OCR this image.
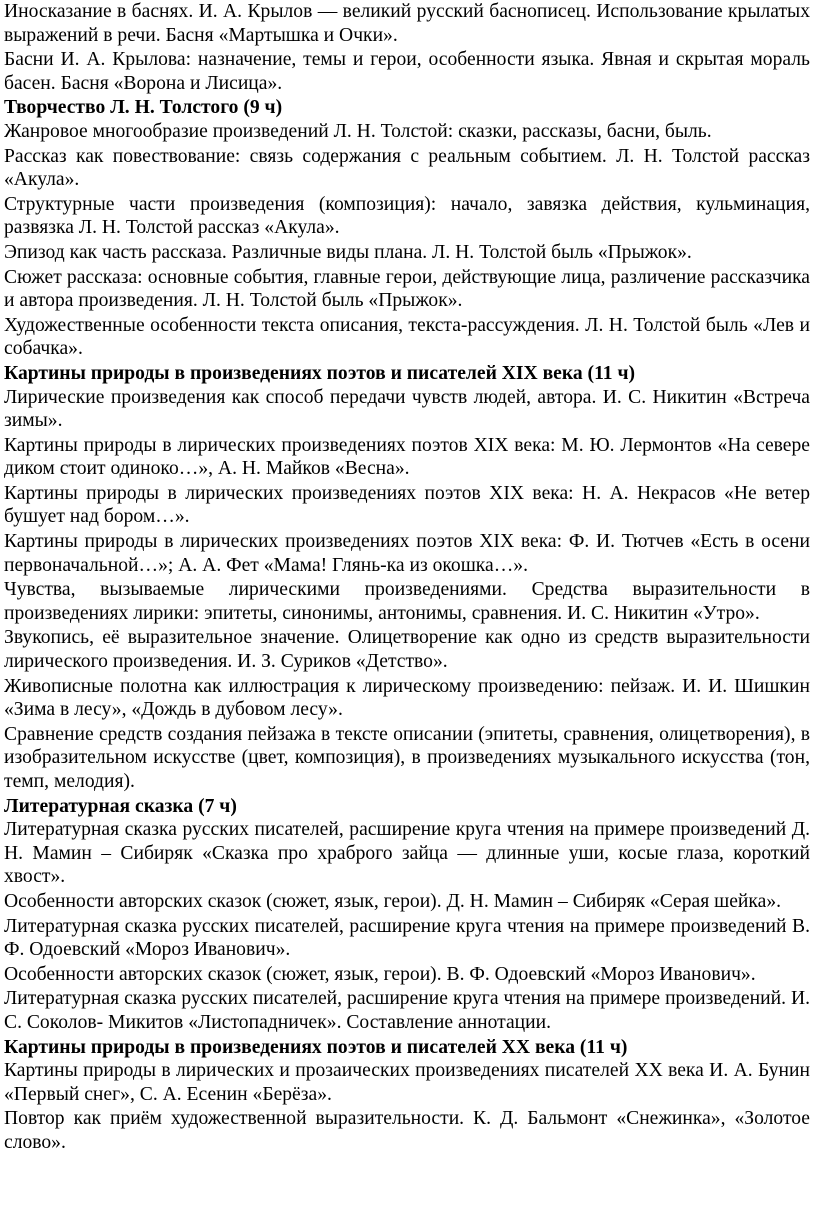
Иносказание в баснях. И. А. Крылов — великий русский баснописец. Использование крылатых выражений в речи. Басня «Мартышка и Очки».

Басни И. А. Крылова: назначение, темы и герои, особенности языка. Явная и скрытая мораль басен. Басня «Ворона и Лисица».

Творчество Л. Н. Толстого (9 ч)

Жанровое многообразие произведений Л. Н. Толстой: сказки, рассказы, басни, быль.

Рассказ как повествование: связь содержания с реальным событием. Л. Н. Толстой рассказ «Акула».

Структурные части произведения (композиция): начало, завязка действия, кульминация, развязка Л. Н. Толстой рассказ «Акула».

Эпизод как часть рассказа. Различные виды плана. Л. Н. Толстой быль «Прыжок».

Сюжет рассказа: основные события, главные герои, действующие лица, различение рассказчика и автора произведения. Л. Н. Толстой быль «Прыжок».

Художественные особенности текста описания, текста-рассуждения. Л. Н. Толстой быль «Лев и собачка».

Картины природы в произведениях поэтов и писателей XIX века (11 ч)

Лирические произведения как способ передачи чувств людей, автора. И. С. Никитин «Встреча зимы».

Картины природы в лирических произведениях поэтов XIX века: М. Ю. Лермонтов «На севере диком стоит одиноко…», А. Н. Майков «Весна».

Картины природы в лирических произведениях поэтов XIX века: Н. А. Некрасов «Не ветер бушует над бором…».

Картины природы в лирических произведениях поэтов XIX века: Ф. И. Тютчев «Есть в осени первоначальной…»; А. А. Фет «Мама! Глянь-ка из окошка…».

Чувства, вызываемые лирическими произведениями. Средства выразительности в произведениях лирики: эпитеты, синонимы, антонимы, сравнения. И. С. Никитин «Утро».

Звукопись, её выразительное значение. Олицетворение как одно из средств выразительности лирического произведения. И. З. Суриков «Детство».

Живописные полотна как иллюстрация к лирическому произведению: пейзаж. И. И. Шишкин «Зима в лесу», «Дождь в дубовом лесу».

Сравнение средств создания пейзажа в тексте описании (эпитеты, сравнения, олицетворения), в изобразительном искусстве (цвет, композиция), в произведениях музыкального искусства (тон, темп, мелодия).

Литературная сказка (7 ч)

Литературная сказка русских писателей, расширение круга чтения на примере произведений Д. Н. Мамин – Сибиряк «Сказка про храброго зайца — длинные уши, косые глаза, короткий хвост».

Особенности авторских сказок (сюжет, язык, герои). Д. Н. Мамин – Сибиряк «Серая шейка».

Литературная сказка русских писателей, расширение круга чтения на примере произведений В. Ф. Одоевский «Мороз Иванович».

Особенности авторских сказок (сюжет, язык, герои). В. Ф. Одоевский «Мороз Иванович».

Литературная сказка русских писателей, расширение круга чтения на примере произведений. И. С. Соколов- Микитов «Листопадничек». Составление аннотации.

Картины природы в произведениях поэтов и писателей XX века (11 ч)

Картины природы в лирических и прозаических произведениях писателей XX века И. А. Бунин «Первый снег», С. А. Есенин «Берёза».

Повтор как приём художественной выразительности. К. Д. Бальмонт «Снежинка», «Золотое слово».
